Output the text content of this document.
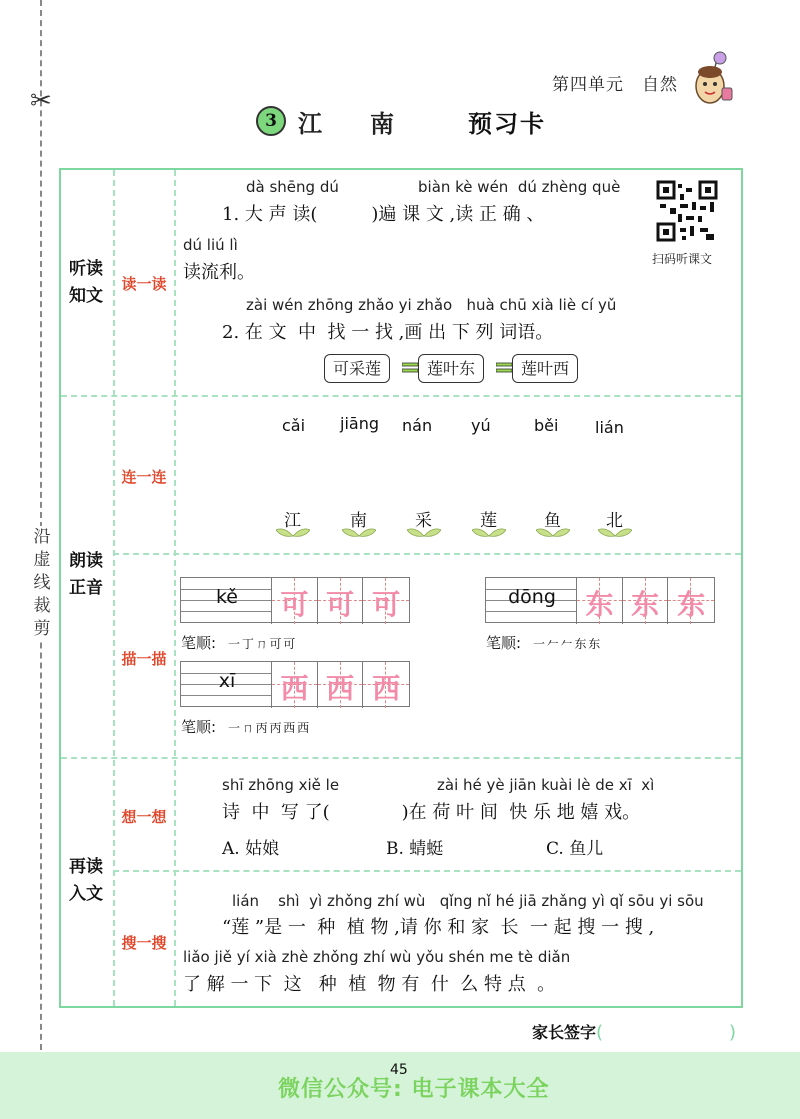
✂
沿虚线裁剪
第四单元　自然
3 江南 预习卡
听读
知文
朗读
正音
再读
入文
读一读
连一连
描一描
想一想
搜一搜
dà shēng dú	biàn kè wén  dú zhèng què
1. 大 声 读(　　　)遍 课 文 ,读 正 确 、
dú liú lì
读流利。
zài wén zhōng zhǎo yi zhǎo   huà chū xià liè cí yǔ
2. 在 文  中  找 一 找 ,画 出 下 列 词语。
扫码听课文
可采莲	莲叶东	莲叶西
cǎi jiāng nán yú	běi lián
江	南	采	莲	鱼	北
kě	可 可 可
笔顺: 一 丁 ㄇ 可 可
dōng	东 东 东
笔顺: 一 𠂉 𠂉 东 东
xī	西 西 西
笔顺: 一 ㄇ 丙 丙 西 西
shī zhōng xiě le	zài hé yè jiān kuài lè de xī  xì
诗  中  写 了(　　　　)在 荷 叶 间  快 乐 地 嬉 戏。
A. 姑娘	B. 蜻蜓	C. 鱼儿
lián    shì  yì zhǒng zhí wù   qǐng nǐ hé jiā zhǎng yì qǐ sōu yi sōu
“莲 ”是 一  种  植 物 ,请 你 和 家  长  一 起 搜 一 搜 ,
liǎo jiě yí xià zhè zhǒng zhí wù yǒu shén me tè diǎn
了 解 一 下  这   种  植  物 有  什  么 特 点  。
家长签字(　　　　　　　)
45
微信公众号: 电子课本大全
